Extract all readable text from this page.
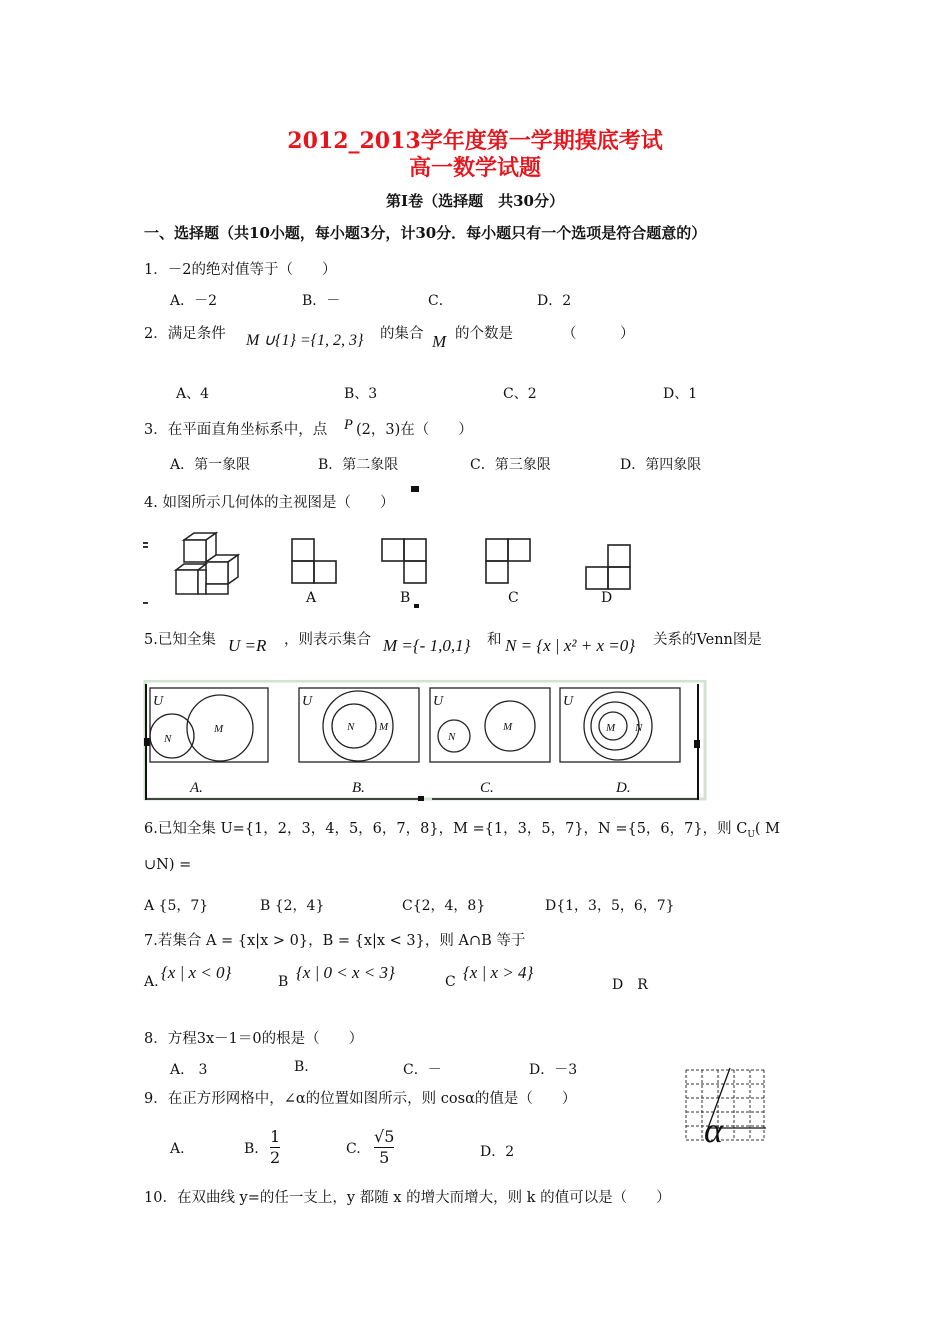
2012_2013学年度第一学期摸底考试
高一数学试题
第Ⅰ卷（选择题　共30分）
一、选择题（共10小题，每小题3分，计30分．每小题只有一个选项是符合题意的）
1．－2的绝对值等于（　　）
A．－2	B．－	C．	D．2
2．满足条件 M ∪{1} ={1, 2, 3} 的集合 M 的个数是	（　　　）
A、4	B、3	C、2	D、1
3．在平面直角坐标系中，点 P (2，3)在（　　）
A．第一象限	B．第二象限	C．第三象限	D．第四象限
4. 如图所示几何体的主视图是（　　）
A	B	C	D
5.已知全集 U =R ，则表示集合 M ={- 1,0,1} 和 N = {x | x² + x =0} 关系的Venn图是
U	U	U	U
N
M	N M
N
M	M N
A.	B.	C.	D.
6.已知全集 U={1，2，3，4，5，6，7，8}，M ={1，3，5，7}，N ={5，6，7}，则 $C_U$( M
∪N) =
A {5，7}	B {2，4}	C{2，4，8}	D{1，3，5，6，7}
7.若集合 A = {x|x > 0}，B = {x|x < 3}，则 A∩B 等于
A. {x | x < 0}	B {x | 0 < x < 3}	C {x | x > 4}
D　R
8．方程3x－1＝0的根是（　　）
A.　3	B.	C．－	D．－3
9．在正方形网格中，∠α的位置如图所示，则 cosα的值是（　　）
A.	B. $\frac{1}{2}$	C. $\frac{√5}{5}$	D．2
α
10．在双曲线 y=的任一支上，y 都随 x 的增大而增大，则 k 的值可以是（　　）
